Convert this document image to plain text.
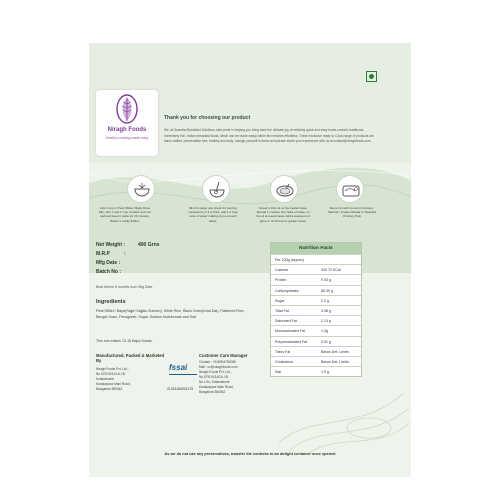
Niragh Foods
Healthy cooking made easy
Thank you for choosing our product
We, at Swastha Breakfast Solutions, take pride in helping you bring back the ultimate joy of relishing quick and easy home-cooked, traditional, immensely rich, Indian breakfast foods, which can be made easily within few minutes effortless. These exclusive ready to Cook range of products are hand-crafted, preservative free, healthy and tasty. Indulge yourself in these and please share your experience with us at contact@niraghfoods.com
Add 1 cup of Pearl Millet / Bajra Dosa Mix, with 1 and ¼ cup of water and mix well and keep it aside for 20 minutes. Batter is mildly fluffed.
Mix the batter and check for pouring consistency. If it is thick, add 1-2 tbsp more of water making into a smooth batter.
Smear a little oil on the heated tawa. Spread 1 medium size ladle of batter on the oil smeared tawa. Add a teaspoon of ghee or oil till it turns golden brown
Serve hot with Coconut Chutney / Sambar / Potato Masala or Swastha Chutney Podi
Net Weight :	400 Grns
M.R.P	:
Mfg Date :
Batch No :
Best before 6 months from Mfg Date
Ingredients
Pearl Millet / Bajra(Sajje/ Sajjalu /Kambu), White Rice, Black Gram(Urad Dal), Flattened Rice, Bengal Gram, Fenugreek, Sugar, Sodium bicarbonate and Salt
This mix makes 13-15 Bajra Dosas.
Manufactured, Packed & Marketed By
Niragh Foods Pvt. Ltd.,
No.579/19/14/1A-1B
Kotanakunte
Kanakapura Main Road,
Bangalore-560062
fssai
21321185001475
Customer Care Manager
Contact : +918904780086
Mail : cc@niraghfoods.com
Niragh Foods Pvt. Ltd.,
No.579/19/14/1A-1B
No.1/1c, Kotanakunte
Kanakapura Main Road,
Bangalore-560062
Nutrition Facts
Per 100g (approx)
Calories	343.72 KCal
Protein	9.53 g
Carbohydrates	66.39 g
Sugar	2.2 g
Total Fat	3.96 g
Saturated Fat	2.13 g
Monosaturated Fat	1.3g
Polyunsaturated Fat	0.51 g
Trans Fat	Below Det. Limits
Cholesterol	Below Det. Limits
Salt	1.5 g
As we do not use any preservatives, transfer the contents to an airtight container once opened
